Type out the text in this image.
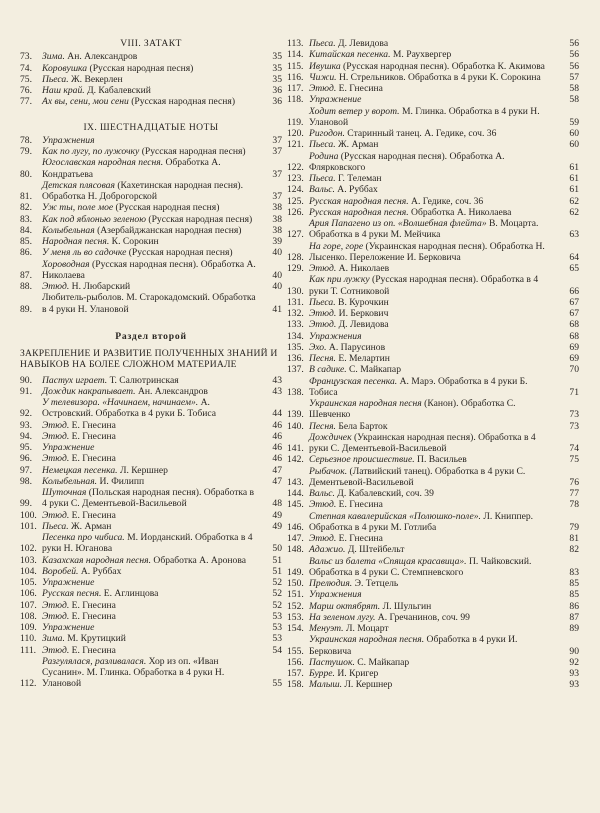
VIII. ЗАТАКТ
73.	Зима. Ан. Александров	35
74.	Коровушка (Русская народная песня)	35
75.	Пьеса. Ж. Векерлен	35
76.	Наш край. Д. Кабалевский	36
77.	Ах вы, сени, мои сени (Русская народная песня)	36
IX. ШЕСТНАДЦАТЫЕ НОТЫ
78.	Упражнения	37
79.	Как по лугу, по лужочку (Русская народная песня)	37
80.
Югославская народная песня. Обработка А. Кондратьева	37
81.
Детская плясовая (Кахетинская народная песня). Обработка Н. Доброгорской	37
82.	Уж ты, поле мое (Русская народная песня)	38
83.	Как под яблонью зеленою (Русская народная песня)	38
84.	Колыбельная (Азербайджанская народная песня)	38
85.	Народная песня. К. Сорокин	39
86.	У меня ль во садочке (Русская народная песня)	40
87.
Хороводная (Русская народная песня). Обработка А. Николаева	40
88.	Этюд. Н. Любарский	40
89.
Любитель-рыболов. М. Старокадомский. Обработка в 4 руки Н. Улановой	41
Раздел второй
ЗАКРЕПЛЕНИЕ И РАЗВИТИЕ ПОЛУЧЕННЫХ ЗНАНИЙ И НАВЫКОВ НА БОЛЕЕ СЛОЖНОМ МАТЕРИАЛЕ
90.	Пастух играет. Т. Салютринская	43
91.	Дождик накрапывает. Ан. Александров	43
92.
У телевизора. «Начинаем, начинаем». А. Островский. Обработка в 4 руки Б. Тобиса	44
93.	Этюд. Е. Гнесина	46
94.	Этюд. Е. Гнесина	46
95.	Упражнение	46
96.	Этюд. Е. Гнесина	46
97.	Немецкая песенка. Л. Кершнер	47
98.	Колыбельная. И. Филипп	47
99.
Шуточная (Польская народная песня). Обработка в 4 руки С. Дементьевой-Васильевой	48
100. Этюд. Е. Гнесина	49
101. Пьеса. Ж. Арман	49
102.
Песенка про чибиса. М. Иорданский. Обработка в 4 руки Н. Югановa	50
103. Казахская народная песня. Обработка А. Аронова	51
104. Воробей. А. Руббах	51
105. Упражнение	52
106. Русская песня. Е. Аглинцова	52
107. Этюд. Е. Гнесина	52
108. Этюд. Е. Гнесина	53
109. Упражнение	53
110. Зима. М. Крутицкий	53
111. Этюд. Е. Гнесина	54
112.
Разгулялася, разливалася. Хор из оп. «Иван Сусанин». М. Глинка. Обработка в 4 руки Н. Улановой	55
113. Пьеса. Д. Левидова	56
114. Китайская песенка. М. Раухвергер	56
115. Ивушка (Русская народная песня). Обработка К. Акимова	56
116. Чижи. Н. Стрельников. Обработка в 4 руки К. Сорокина	57
117. Этюд. Е. Гнесина	58
118. Упражнение	58
119.
Ходит ветер у ворот. М. Глинка. Обработка в 4 руки Н. Улановой	59
120. Ригодон. Старинный танец. А. Гедике, соч. 36	60
121. Пьеса. Ж. Арман	60
122.
Родина (Русская народная песня). Обработка А. Флярковского	61
123. Пьеса. Г. Телеман	61
124. Вальс. А. Руббах	61
125. Русская народная песня. А. Гедике, соч. 36	62
126. Русская народная песня. Обработка А. Николаева	62
127.
Ария Папагено из оп. «Волшебная флейта» В. Моцарта. Обработка в 4 руки М. Мейчика	63
128.
На горе, горе (Украинская народная песня). Обработка Н. Лысенко. Переложение И. Берковича	64
129. Этюд. А. Николаев	65
130.
Как при лужку (Русская народная песня). Обработка в 4 руки Т. Сотниковой	66
131. Пьеса. В. Курочкин	67
132. Этюд. И. Беркович	67
133. Этюд. Д. Левидова	68
134. Упражнения	68
135. Эхо. А. Парусинов	69
136. Песня. Е. Мелартин	69
137. В садике. С. Майкапар	70
138.
Французская песенка. А. Марэ. Обработка в 4 руки Б. Тобиса	71
139.
Украинская народная песня (Канон). Обработка С. Шевченко	73
140. Песня. Бела Барток	73
141.
Дождичек (Украинская народная песня). Обработка в 4 руки С. Дементьевой-Васильевой	74
142. Серьезное происшествие. П. Васильев	75
143.
Рыбачок. (Латвийский танец). Обработка в 4 руки С. Дементьевой-Васильевой	76
144. Вальс. Д. Кабалевский, соч. 39	77
145. Этюд. Е. Гнесина	78
146.
Степная кавалерийская «Полюшко-поле». Л. Книппер. Обработка в 4 руки М. Готлиба	79
147. Этюд. Е. Гнесина	81
148. Адажио. Д. Штейбельт	82
149.
Вальс из балета «Спящая красавица». П. Чайковский. Обработка в 4 руки С. Стемпневского	83
150. Прелюдия. Э. Тетцель	85
151. Упражнения	85
152. Марш октябрят. Л. Шульгин	86
153. На зеленом лугу. А. Гречанинов, соч. 99	87
154. Менуэт. Л. Моцарт	89
155.
Украинская народная песня. Обработка в 4 руки И. Берковича	90
156. Пастушок. С. Майкапар	92
157. Бурре. И. Кригер	93
158. Малыш. Л. Кершнер	93
